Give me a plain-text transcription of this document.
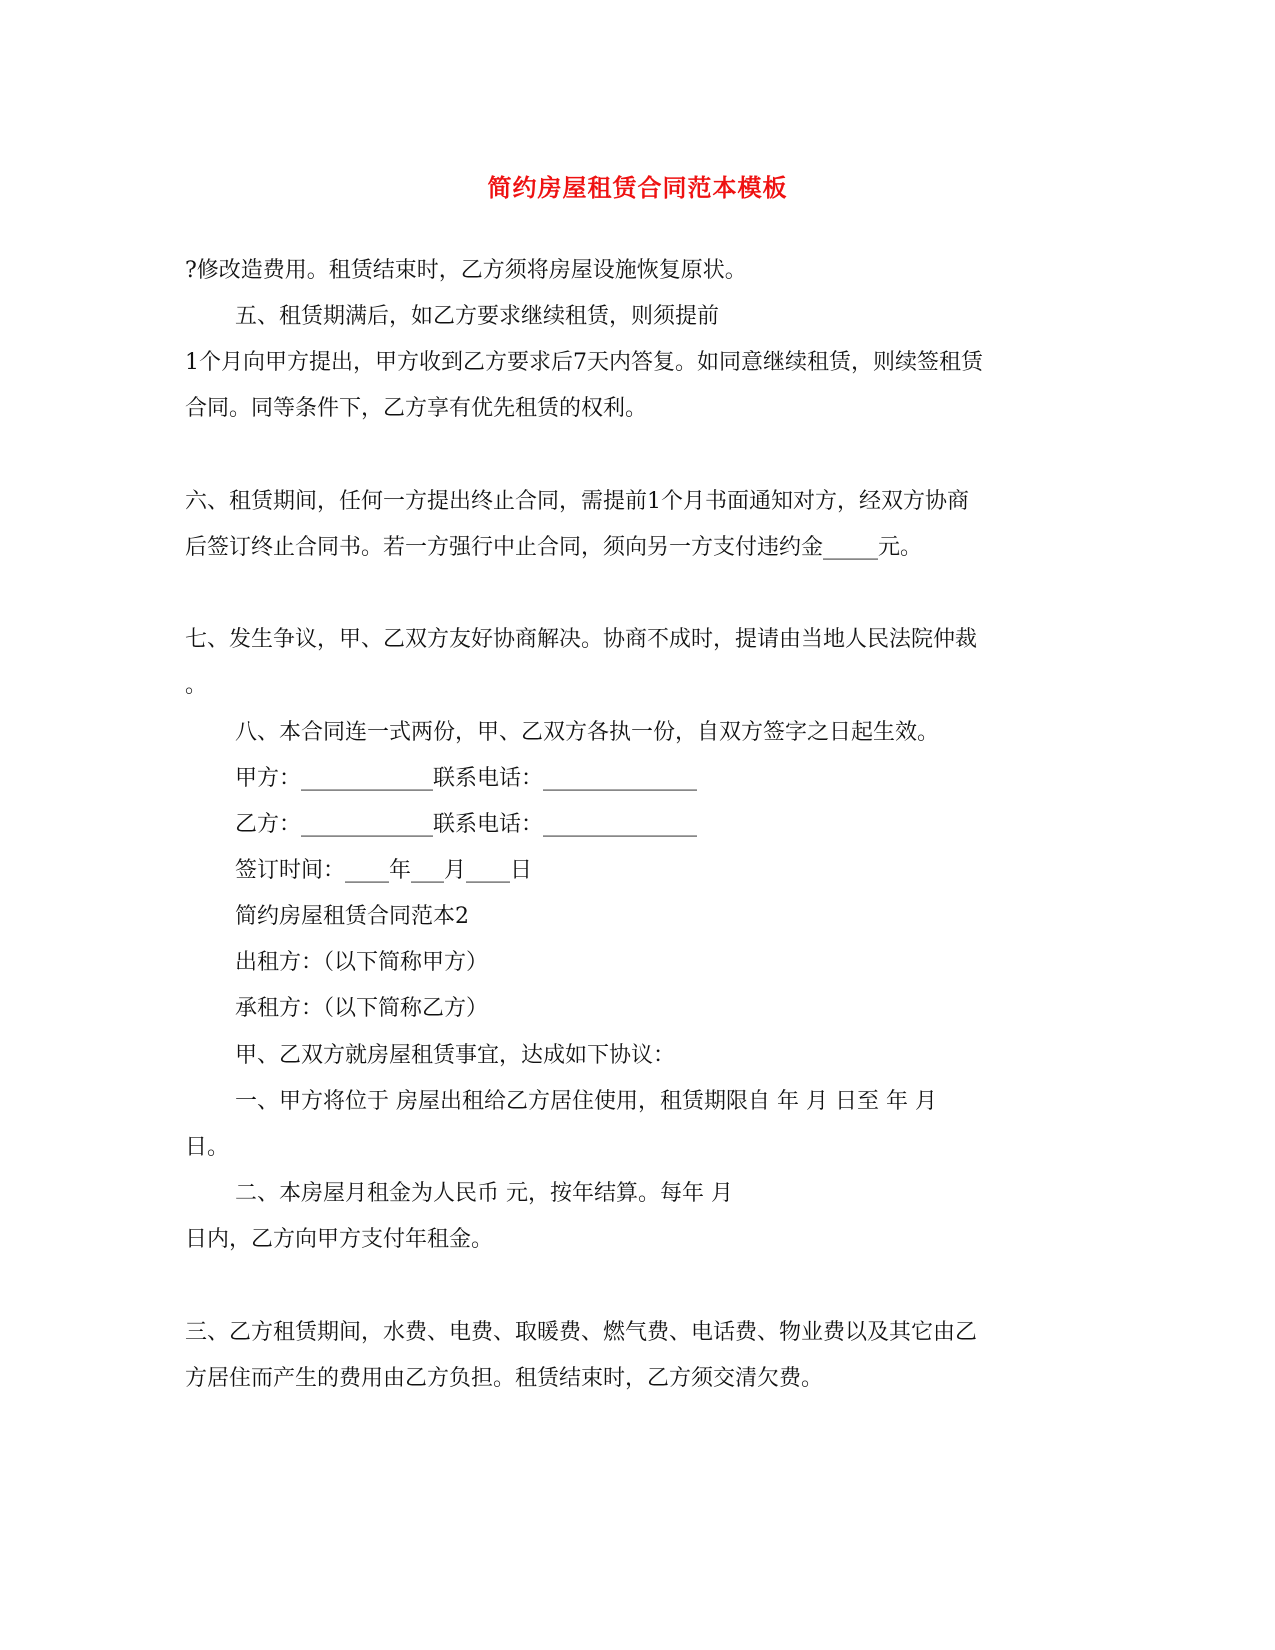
简约房屋租赁合同范本模板
?修改造费用。租赁结束时，乙方须将房屋设施恢复原状。
五、租赁期满后，如乙方要求继续租赁，则须提前
1个月向甲方提出，甲方收到乙方要求后7天内答复。如同意继续租赁，则续签租赁
合同。同等条件下，乙方享有优先租赁的权利。
六、租赁期间，任何一方提出终止合同，需提前1个月书面通知对方，经双方协商
后签订终止合同书。若一方强行中止合同，须向另一方支付违约金_____元。
七、发生争议，甲、乙双方友好协商解决。协商不成时，提请由当地人民法院仲裁
。
八、本合同连一式两份，甲、乙双方各执一份，自双方签字之日起生效。
甲方：____________联系电话：______________
乙方：____________联系电话：______________
签订时间：____年___月____日
简约房屋租赁合同范本2
出租方：（以下简称甲方）
承租方：（以下简称乙方）
甲、乙双方就房屋租赁事宜，达成如下协议：
一、甲方将位于 房屋出租给乙方居住使用，租赁期限自 年 月 日至 年 月
日。
二、本房屋月租金为人民币 元，按年结算。每年 月
日内，乙方向甲方支付年租金。
三、乙方租赁期间，水费、电费、取暖费、燃气费、电话费、物业费以及其它由乙
方居住而产生的费用由乙方负担。租赁结束时，乙方须交清欠费。
